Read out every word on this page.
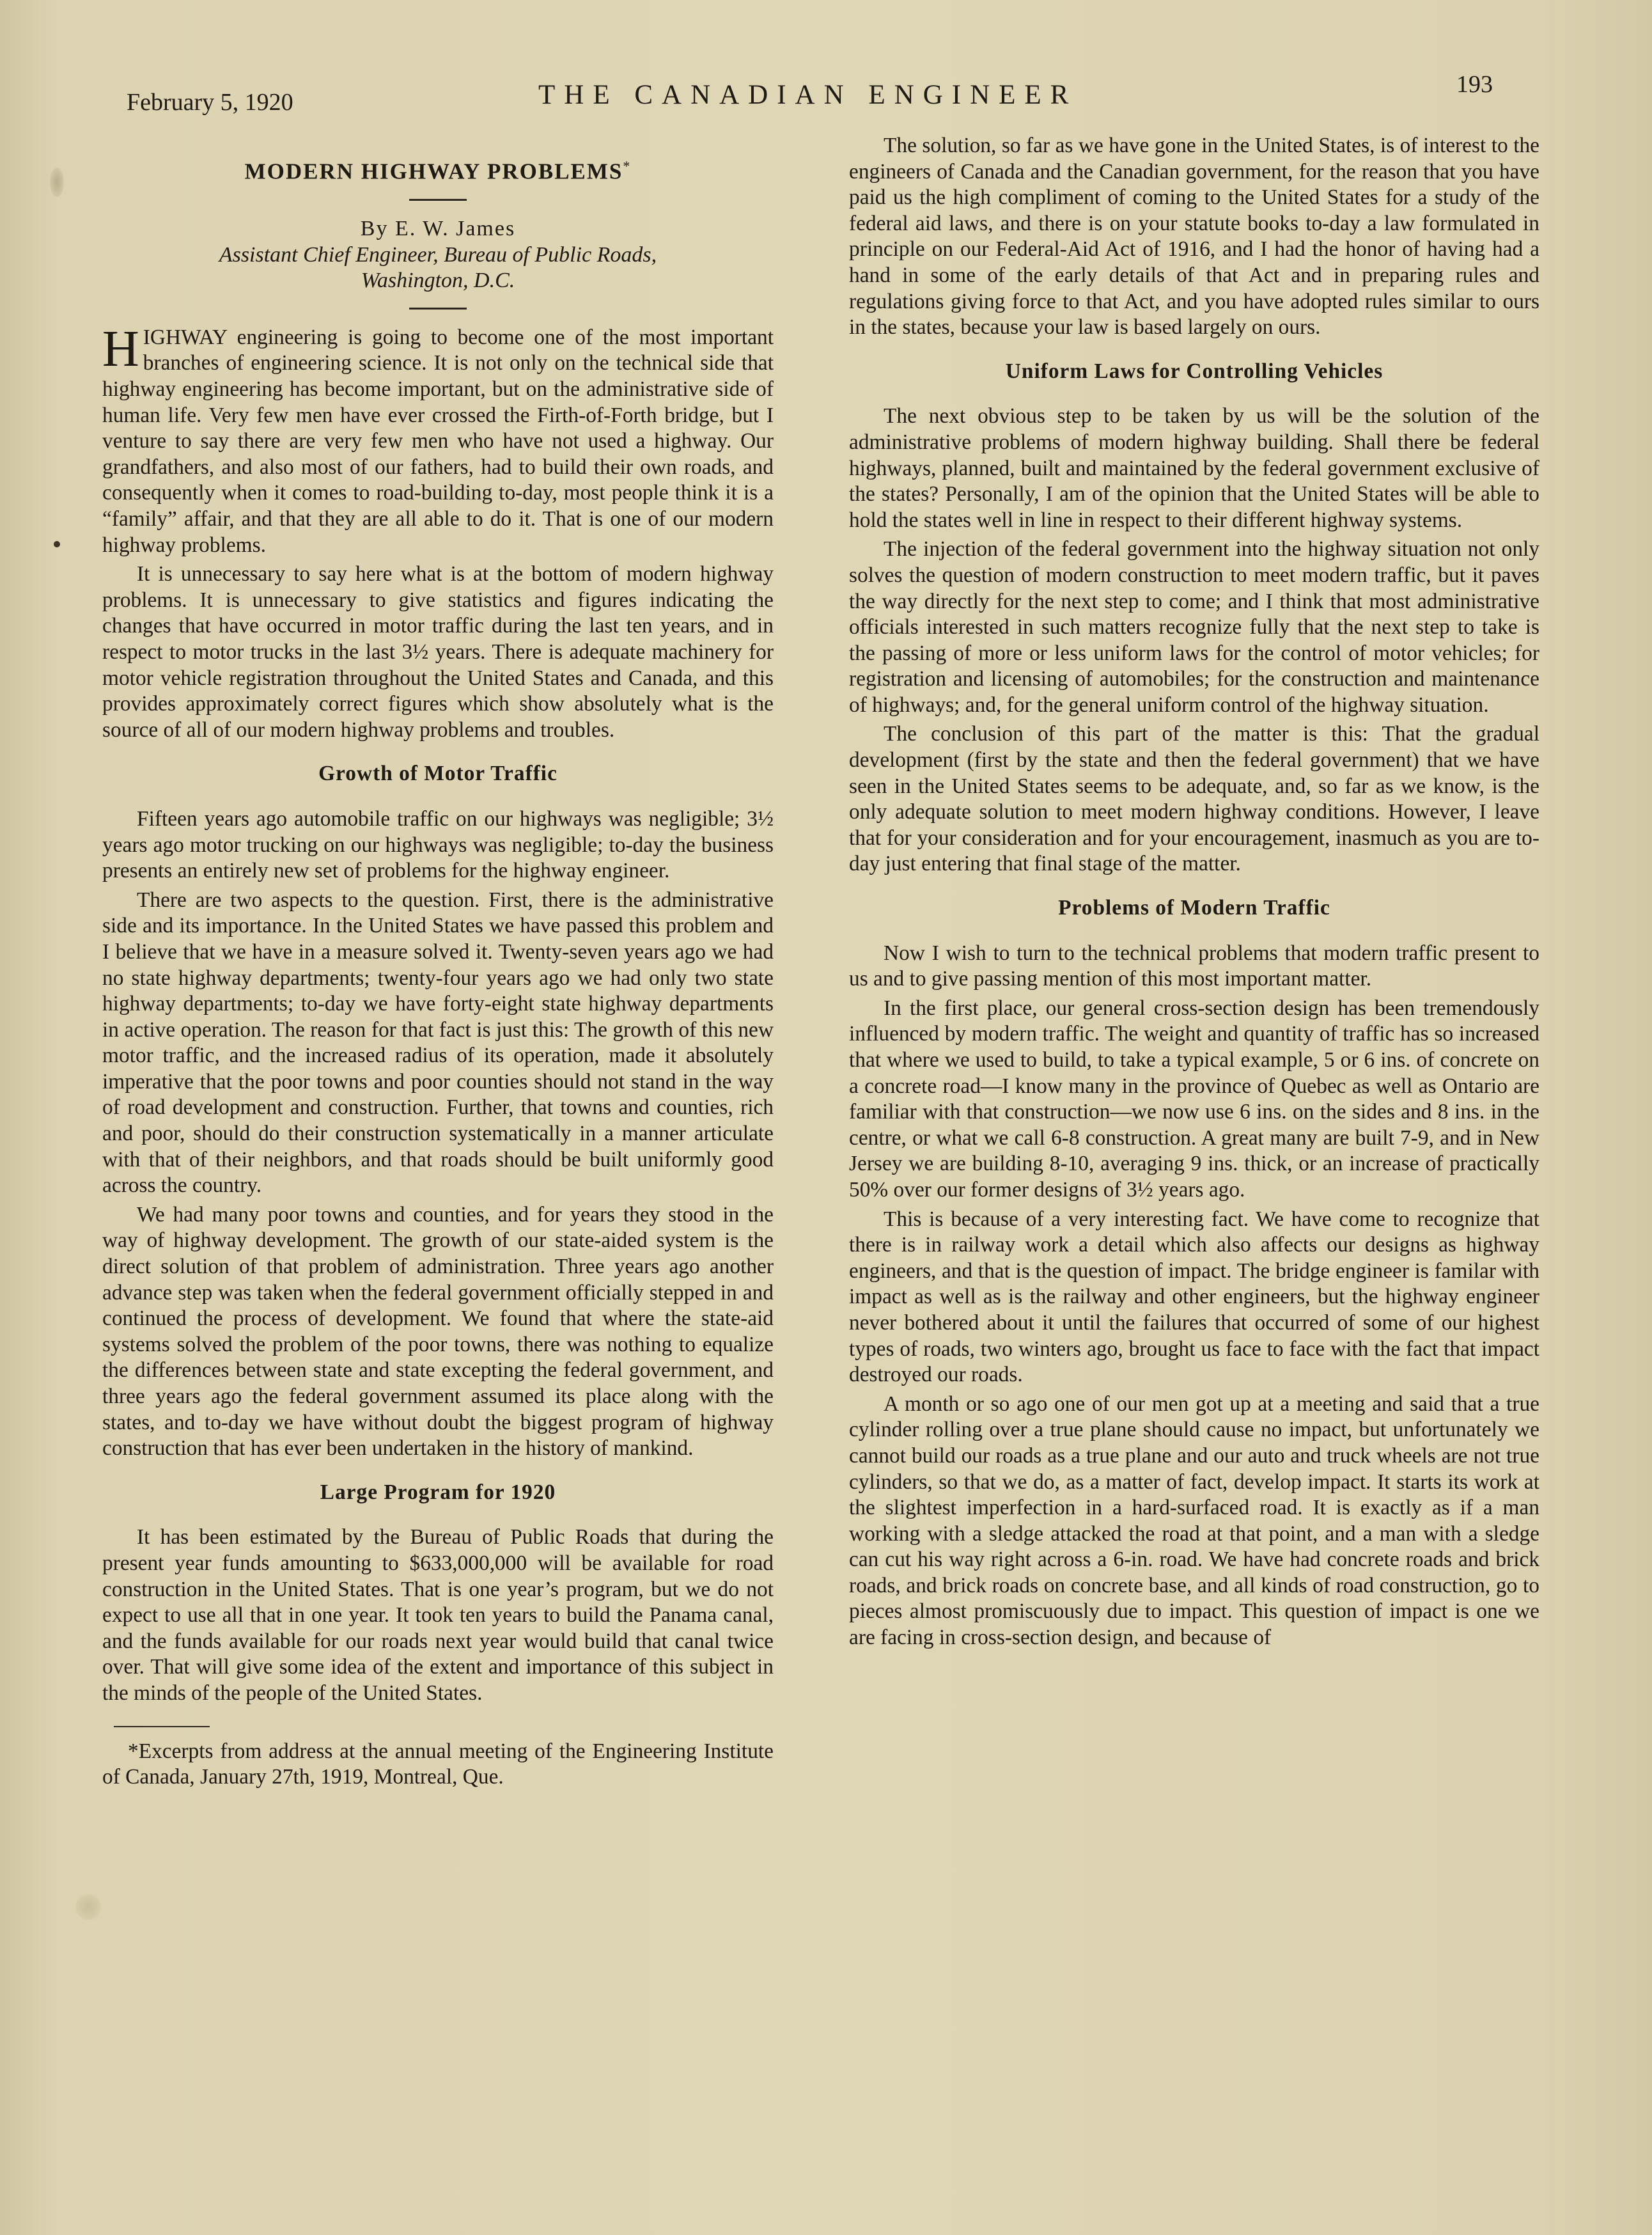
February 5, 1920	THE CANADIAN ENGINEER	193
MODERN HIGHWAY PROBLEMS*
By E. W. James
Assistant Chief Engineer, Bureau of Public Roads,
Washington, D.C.

HIGHWAY engineering is going to become one of the most important branches of engineering science. It is not only on the technical side that highway engineering has become important, but on the administrative side of human life. Very few men have ever crossed the Firth-of-Forth bridge, but I venture to say there are very few men who have not used a highway. Our grandfathers, and also most of our fathers, had to build their own roads, and consequently when it comes to road-building to-day, most people think it is a “family” affair, and that they are all able to do it. That is one of our modern highway problems.

It is unnecessary to say here what is at the bottom of modern highway problems. It is unnecessary to give statistics and figures indicating the changes that have occurred in motor traffic during the last ten years, and in respect to motor trucks in the last 3½ years. There is adequate machinery for motor vehicle registration throughout the United States and Canada, and this provides approximately correct figures which show absolutely what is the source of all of our modern highway problems and troubles.

Growth of Motor Traffic

Fifteen years ago automobile traffic on our highways was negligible; 3½ years ago motor trucking on our highways was negligible; to-day the business presents an entirely new set of problems for the highway engineer.

There are two aspects to the question. First, there is the administrative side and its importance. In the United States we have passed this problem and I believe that we have in a measure solved it. Twenty-seven years ago we had no state highway departments; twenty-four years ago we had only two state highway departments; to-day we have forty-eight state highway departments in active operation. The reason for that fact is just this: The growth of this new motor traffic, and the increased radius of its operation, made it absolutely imperative that the poor towns and poor counties should not stand in the way of road development and construction. Further, that towns and counties, rich and poor, should do their construction systematically in a manner articulate with that of their neighbors, and that roads should be built uniformly good across the country.

We had many poor towns and counties, and for years they stood in the way of highway development. The growth of our state-aided system is the direct solution of that problem of administration. Three years ago another advance step was taken when the federal government officially stepped in and continued the process of development. We found that where the state-aid systems solved the problem of the poor towns, there was nothing to equalize the differences between state and state excepting the federal government, and three years ago the federal government assumed its place along with the states, and to-day we have without doubt the biggest program of highway construction that has ever been undertaken in the history of mankind.

Large Program for 1920

It has been estimated by the Bureau of Public Roads that during the present year funds amounting to $633,000,000 will be available for road construction in the United States. That is one year’s program, but we do not expect to use all that in one year. It took ten years to build the Panama canal, and the funds available for our roads next year would build that canal twice over. That will give some idea of the extent and importance of this subject in the minds of the people of the United States.

*Excerpts from address at the annual meeting of the Engineering Institute of Canada, January 27th, 1919, Montreal, Que.

The solution, so far as we have gone in the United States, is of interest to the engineers of Canada and the Canadian government, for the reason that you have paid us the high compliment of coming to the United States for a study of the federal aid laws, and there is on your statute books to-day a law formulated in principle on our Federal-Aid Act of 1916, and I had the honor of having had a hand in some of the early details of that Act and in preparing rules and regulations giving force to that Act, and you have adopted rules similar to ours in the states, because your law is based largely on ours.

Uniform Laws for Controlling Vehicles

The next obvious step to be taken by us will be the solution of the administrative problems of modern highway building. Shall there be federal highways, planned, built and maintained by the federal government exclusive of the states? Personally, I am of the opinion that the United States will be able to hold the states well in line in respect to their different highway systems.

The injection of the federal government into the highway situation not only solves the question of modern construction to meet modern traffic, but it paves the way directly for the next step to come; and I think that most administrative officials interested in such matters recognize fully that the next step to take is the passing of more or less uniform laws for the control of motor vehicles; for registration and licensing of automobiles; for the construction and maintenance of highways; and, for the general uniform control of the highway situation.

The conclusion of this part of the matter is this: That the gradual development (first by the state and then the federal government) that we have seen in the United States seems to be adequate, and, so far as we know, is the only adequate solution to meet modern highway conditions. However, I leave that for your consideration and for your encouragement, inasmuch as you are to-day just entering that final stage of the matter.

Problems of Modern Traffic

Now I wish to turn to the technical problems that modern traffic present to us and to give passing mention of this most important matter.

In the first place, our general cross-section design has been tremendously influenced by modern traffic. The weight and quantity of traffic has so increased that where we used to build, to take a typical example, 5 or 6 ins. of concrete on a concrete road—I know many in the province of Quebec as well as Ontario are familiar with that construction—we now use 6 ins. on the sides and 8 ins. in the centre, or what we call 6-8 construction. A great many are built 7-9, and in New Jersey we are building 8-10, averaging 9 ins. thick, or an increase of practically 50% over our former designs of 3½ years ago.

This is because of a very interesting fact. We have come to recognize that there is in railway work a detail which also affects our designs as highway engineers, and that is the question of impact. The bridge engineer is familar with impact as well as is the railway and other engineers, but the highway engineer never bothered about it until the failures that occurred of some of our highest types of roads, two winters ago, brought us face to face with the fact that impact destroyed our roads.

A month or so ago one of our men got up at a meeting and said that a true cylinder rolling over a true plane should cause no impact, but unfortunately we cannot build our roads as a true plane and our auto and truck wheels are not true cylinders, so that we do, as a matter of fact, develop impact. It starts its work at the slightest imperfection in a hard-surfaced road. It is exactly as if a man working with a sledge attacked the road at that point, and a man with a sledge can cut his way right across a 6-in. road. We have had concrete roads and brick roads, and brick roads on concrete base, and all kinds of road construction, go to pieces almost promiscuously due to impact. This question of impact is one we are facing in cross-section design, and because of
